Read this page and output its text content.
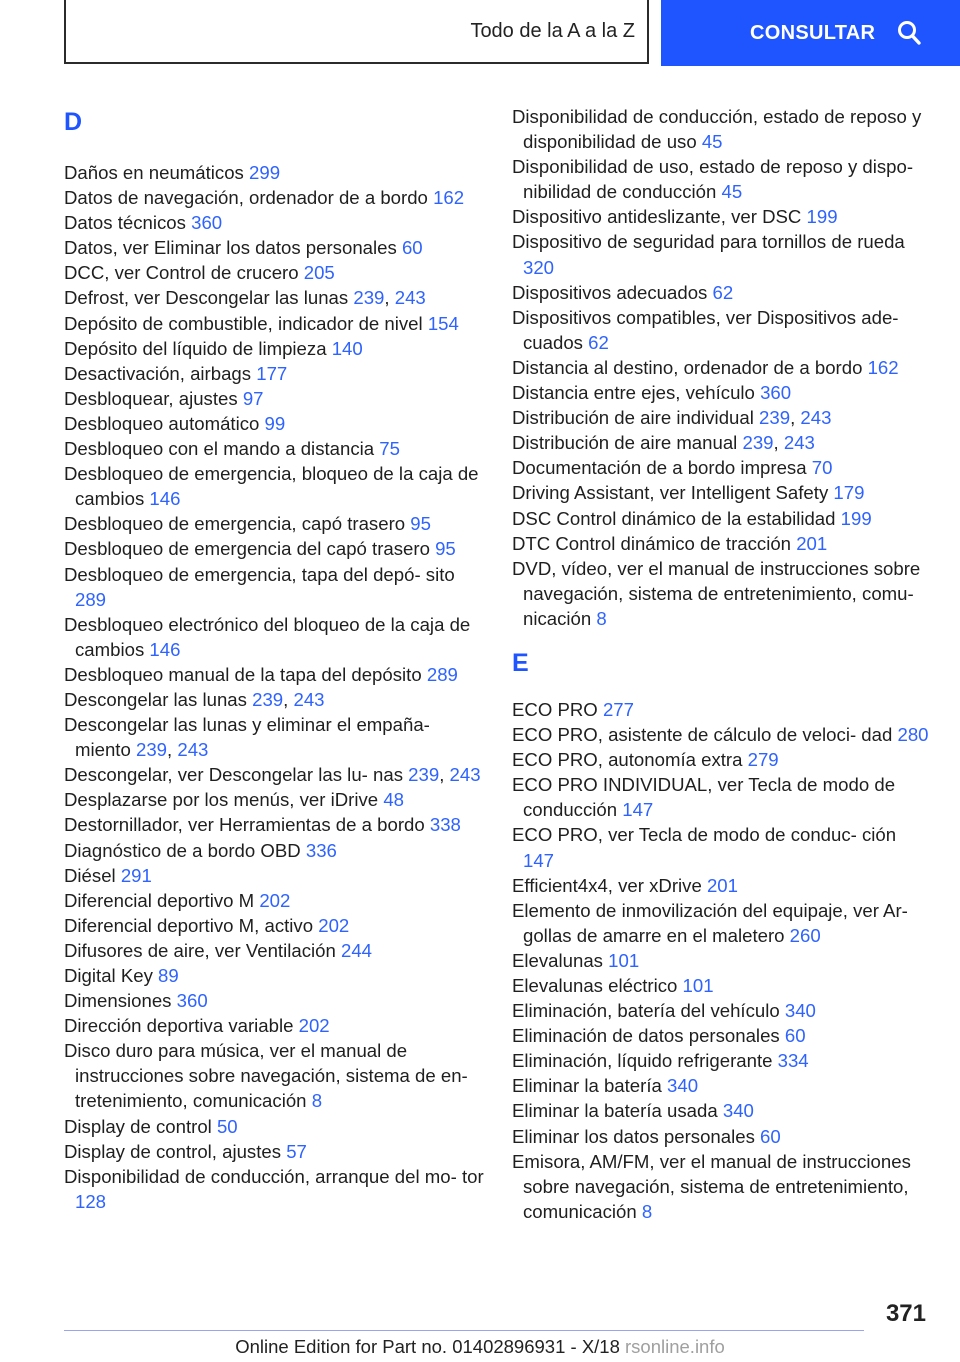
Todo de la A a la Z	CONSULTAR
D
Daños en neumáticos 299
Datos de navegación, ordenador de a bordo 162
Datos técnicos 360
Datos, ver Eliminar los datos personales 60
DCC, ver Control de crucero 205
Defrost, ver Descongelar las lunas 239, 243
Depósito de combustible, indicador de nivel 154
Depósito del líquido de limpieza 140
Desactivación, airbags 177
Desbloquear, ajustes 97
Desbloqueo automático 99
Desbloqueo con el mando a distancia 75
Desbloqueo de emergencia, bloqueo de la caja de cambios 146
Desbloqueo de emergencia, capó trasero 95
Desbloqueo de emergencia del capó trasero 95
Desbloqueo de emergencia, tapa del depó‐ sito 289
Desbloqueo electrónico del bloqueo de la caja de cambios 146
Desbloqueo manual de la tapa del depósito 289
Descongelar las lunas 239, 243
Descongelar las lunas y eliminar el empaña‐ miento 239, 243
Descongelar, ver Descongelar las lu‐ nas 239, 243
Desplazarse por los menús, ver iDrive 48
Destornillador, ver Herramientas de a bordo 338
Diagnóstico de a bordo OBD 336
Diésel 291
Diferencial deportivo M 202
Diferencial deportivo M, activo 202
Difusores de aire, ver Ventilación 244
Digital Key 89
Dimensiones 360
Dirección deportiva variable 202
Disco duro para música, ver el manual de instrucciones sobre navegación, sistema de en‐ tretenimiento, comunicación 8
Display de control 50
Display de control, ajustes 57
Disponibilidad de conducción, arranque del mo‐ tor 128
Disponibilidad de conducción, estado de reposo y disponibilidad de uso 45
Disponibilidad de uso, estado de reposo y dispo‐ nibilidad de conducción 45
Dispositivo antideslizante, ver DSC 199
Dispositivo de seguridad para tornillos de rueda 320
Dispositivos adecuados 62
Dispositivos compatibles, ver Dispositivos ade‐ cuados 62
Distancia al destino, ordenador de a bordo 162
Distancia entre ejes, vehículo 360
Distribución de aire individual 239, 243
Distribución de aire manual 239, 243
Documentación de a bordo impresa 70
Driving Assistant, ver Intelligent Safety 179
DSC Control dinámico de la estabilidad 199
DTC Control dinámico de tracción 201
DVD, vídeo, ver el manual de instrucciones sobre navegación, sistema de entretenimiento, comu‐ nicación 8
E
ECO PRO 277
ECO PRO, asistente de cálculo de veloci‐ dad 280
ECO PRO, autonomía extra 279
ECO PRO INDIVIDUAL, ver Tecla de modo de conducción 147
ECO PRO, ver Tecla de modo de conduc‐ ción 147
Efficient4x4, ver xDrive 201
Elemento de inmovilización del equipaje, ver Ar‐ gollas de amarre en el maletero 260
Elevalunas 101
Elevalunas eléctrico 101
Eliminación, batería del vehículo 340
Eliminación de datos personales 60
Eliminación, líquido refrigerante 334
Eliminar la batería 340
Eliminar la batería usada 340
Eliminar los datos personales 60
Emisora, AM/FM, ver el manual de instrucciones sobre navegación, sistema de entretenimiento, comunicación 8
371
Online Edition for Part no. 01402896931 - X/18 rsonline.info
